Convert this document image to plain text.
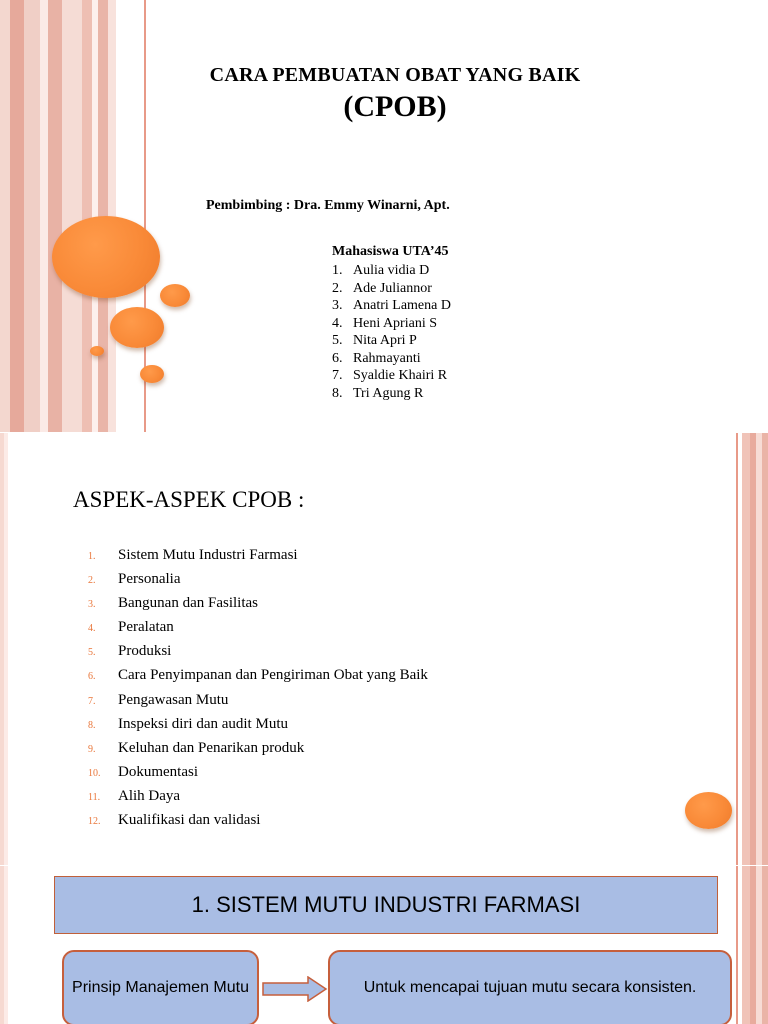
CARA PEMBUATAN OBAT YANG BAIK
(CPOB)
Pembimbing : Dra. Emmy Winarni, Apt.
Mahasiswa UTA’45
1. Aulia vidia D
2. Ade Juliannor
3. Anatri Lamena D
4. Heni Apriani S
5. Nita Apri P
6. Rahmayanti
7. Syaldie Khairi R
8. Tri Agung R
ASPEK-ASPEK CPOB :
1.	Sistem Mutu Industri Farmasi
2.	Personalia
3.	Bangunan dan Fasilitas
4.	Peralatan
5.	Produksi
6.	Cara Penyimpanan dan Pengiriman Obat yang Baik
7.	Pengawasan Mutu
8.	Inspeksi diri dan audit Mutu
9.	Keluhan dan Penarikan produk
10.	Dokumentasi
11.	Alih Daya
12.	Kualifikasi dan validasi
1. SISTEM MUTU INDUSTRI FARMASI
Prinsip Manajemen Mutu	Untuk mencapai tujuan mutu secara konsisten.
